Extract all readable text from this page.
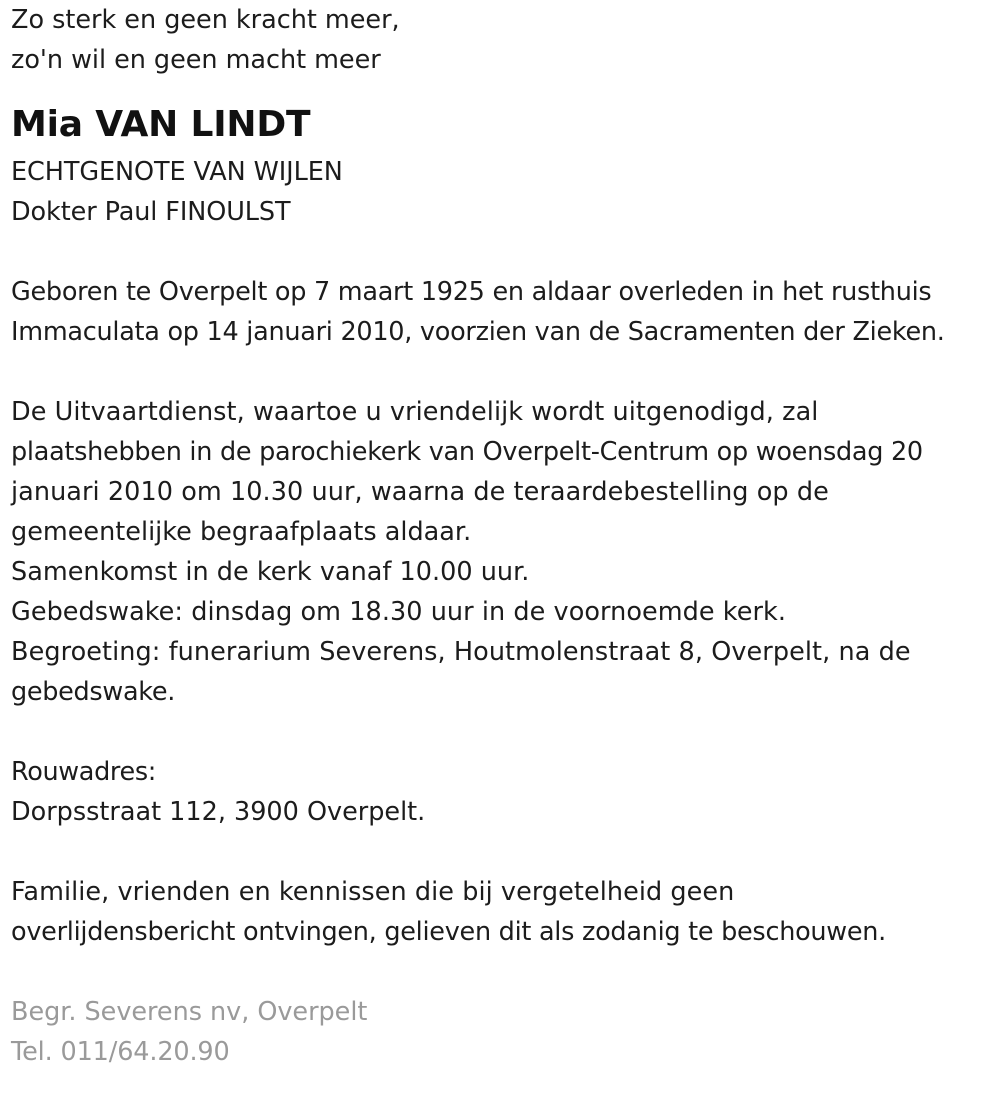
Zo sterk en geen kracht meer,
zo'n wil en geen macht meer
Mia VAN LINDT
ECHTGENOTE VAN WIJLEN
Dokter Paul FINOULST
Geboren te Overpelt op 7 maart 1925 en aldaar overleden in het rusthuis
Immaculata op 14 januari 2010, voorzien van de Sacramenten der Zieken.
De Uitvaartdienst, waartoe u vriendelijk wordt uitgenodigd, zal
plaatshebben in de parochiekerk van Overpelt-Centrum op woensdag 20
januari 2010 om 10.30 uur, waarna de teraardebestelling op de
gemeentelijke begraafplaats aldaar.
Samenkomst in de kerk vanaf 10.00 uur.
Gebedswake: dinsdag om 18.30 uur in de voornoemde kerk.
Begroeting: funerarium Severens, Houtmolenstraat 8, Overpelt, na de
gebedswake.
Rouwadres:
Dorpsstraat 112, 3900 Overpelt.
Familie, vrienden en kennissen die bij vergetelheid geen
overlijdensbericht ontvingen, gelieven dit als zodanig te beschouwen.
Begr. Severens nv, Overpelt
Tel. 011/64.20.90
